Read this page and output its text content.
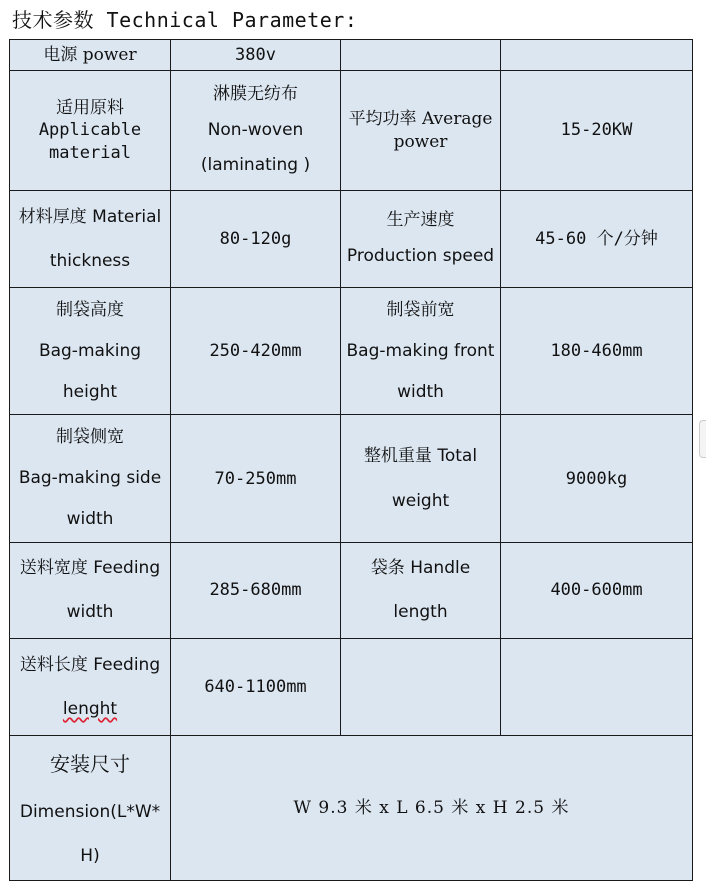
技术参数 Technical Parameter:
电源 power	380v		

适用原料
Applicable
material	淋膜无纺布
Non-woven
(laminating )	平均功率 Average
power	15-20KW

材料厚度 Material
thickness	80-120g	生产速度
Production speed	45-60 个/分钟

制袋高度
Bag-making
height	250-420mm	制袋前宽
Bag-making front
width	180-460mm

制袋侧宽
Bag-making side
width	70-250mm	整机重量 Total
weight	9000kg

送料宽度 Feeding
width	285-680mm	袋条 Handle
length	400-600mm

送料长度 Feeding
lenght	640-1100mm		

安装尺寸
Dimension(L*W*
H)	W 9.3 米 x L 6.5 米 x H 2.5 米		
